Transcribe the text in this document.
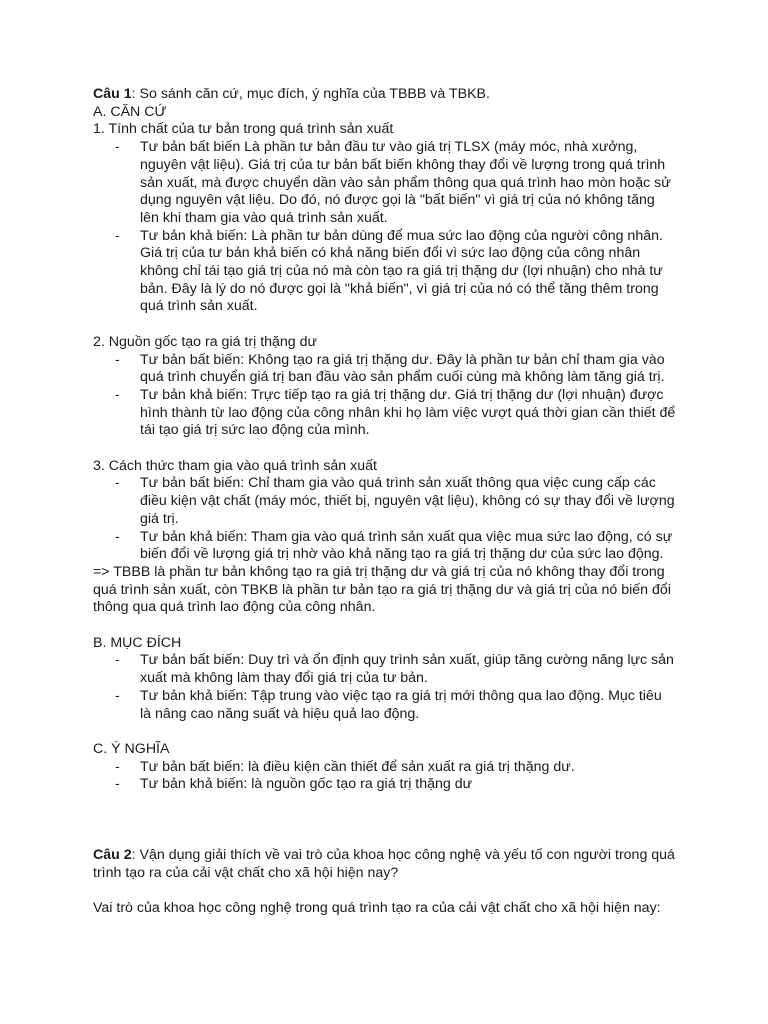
Câu 1: So sánh căn cứ, mục đích, ý nghĩa của TBBB và TBKB.
A. CĂN CỨ
1. Tính chất của tư bản trong quá trình sản xuất
- Tư bản bất biến Là phần tư bản đầu tư vào giá trị TLSX (máy móc, nhà xưởng,
nguyên vật liệu). Giá trị của tư bản bất biến không thay đổi về lượng trong quá trình
sản xuất, mà được chuyển dần vào sản phẩm thông qua quá trình hao mòn hoặc sử
dụng nguyên vật liệu. Do đó, nó được gọi là "bất biến" vì giá trị của nó không tăng
lên khi tham gia vào quá trình sản xuất.
- Tư bản khả biến: Là phần tư bản dùng để mua sức lao động của người công nhân.
Giá trị của tư bản khả biến có khả năng biến đổi vì sức lao động của công nhân
không chỉ tái tạo giá trị của nó mà còn tạo ra giá trị thặng dư (lợi nhuận) cho nhà tư
bản. Đây là lý do nó được gọi là "khả biến", vì giá trị của nó có thể tăng thêm trong
quá trình sản xuất.
2. Nguồn gốc tạo ra giá trị thặng dư
- Tư bản bất biến: Không tạo ra giá trị thặng dư. Đây là phần tư bản chỉ tham gia vào
quá trình chuyển giá trị ban đầu vào sản phẩm cuối cùng mà không làm tăng giá trị.
- Tư bản khả biến: Trực tiếp tạo ra giá trị thặng dư. Giá trị thặng dư (lợi nhuận) được
hình thành từ lao động của công nhân khi họ làm việc vượt quá thời gian cần thiết để
tái tạo giá trị sức lao động của mình.
3. Cách thức tham gia vào quá trình sản xuất
- Tư bản bất biến: Chỉ tham gia vào quá trình sản xuất thông qua việc cung cấp các
điều kiện vật chất (máy móc, thiết bị, nguyên vật liệu), không có sự thay đổi về lượng
giá trị.
- Tư bản khả biến: Tham gia vào quá trình sản xuất qua việc mua sức lao động, có sự
biến đổi về lượng giá trị nhờ vào khả năng tạo ra giá trị thặng dư của sức lao động.
=> TBBB là phần tư bản không tạo ra giá trị thặng dư và giá trị của nó không thay đổi trong
quá trình sản xuất, còn TBKB là phần tư bản tạo ra giá trị thặng dư và giá trị của nó biến đổi
thông qua quá trình lao động của công nhân.
B. MỤC ĐÍCH
- Tư bản bất biến: Duy trì và ổn định quy trình sản xuất, giúp tăng cường năng lực sản
xuất mà không làm thay đổi giá trị của tư bản.
- Tư bản khả biến: Tập trung vào việc tạo ra giá trị mới thông qua lao động. Mục tiêu
là nâng cao năng suất và hiệu quả lao động.
C. Ý NGHĨA
- Tư bản bất biến: là điều kiện cần thiết để sản xuất ra giá trị thặng dư.
- Tư bản khả biến: là nguồn gốc tạo ra giá trị thặng dư
Câu 2: Vận dụng giải thích về vai trò của khoa học công nghệ và yếu tố con người trong quá
trình tạo ra của cải vật chất cho xã hội hiện nay?
Vai trò của khoa học công nghệ trong quá trình tạo ra của cải vật chất cho xã hội hiện nay:
